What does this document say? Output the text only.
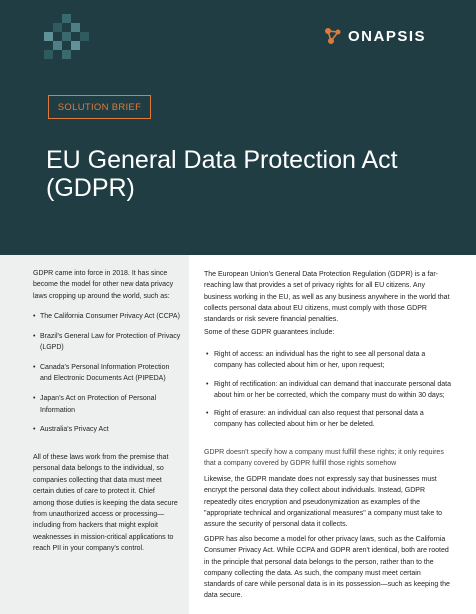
ONAPSIS
SOLUTION BRIEF
EU General Data Protection Act (GDPR)
GDPR came into force in 2018. It has since become the model for other new data privacy laws cropping up around the world, such as:
• The California Consumer Privacy Act (CCPA)
• Brazil's General Law for Protection of Privacy (LGPD)
• Canada's Personal Information Protection and Electronic Documents Act (PIPEDA)
• Japan's Act on Protection of Personal Information
• Australia's Privacy Act
All of these laws work from the premise that personal data belongs to the individual, so companies collecting that data must meet certain duties of care to protect it. Chief among those duties is keeping the data secure from unauthorized access or processing—including from hackers that might exploit weaknesses in mission-critical applications to reach PII in your company's control.
The European Union's General Data Protection Regulation (GDPR) is a far-reaching law that provides a set of privacy rights for all EU citizens. Any business working in the EU, as well as any business anywhere in the world that collects personal data about EU citizens, must comply with those GDPR standards or risk severe financial penalties.
Some of these GDPR guarantees include:
• Right of access: an individual has the right to see all personal data a company has collected about him or her, upon request;
• Right of rectification: an individual can demand that inaccurate personal data about him or her be corrected, which the company must do within 30 days;
• Right of erasure: an individual can also request that personal data a company has collected about him or her be deleted.
GDPR doesn't specify how a company must fulfill these rights; it only requires that a company covered by GDPR fulfill those rights somehow
Likewise, the GDPR mandate does not expressly say that businesses must encrypt the personal data they collect about individuals. Instead, GDPR repeatedly cites encryption and pseudonymization as examples of the "appropriate technical and organizational measures" a company must take to assure the security of personal data it collects.
GDPR has also become a model for other privacy laws, such as the California Consumer Privacy Act. While CCPA and GDPR aren't identical, both are rooted in the principle that personal data belongs to the person, rather than to the company collecting the data. As such, the company must meet certain standards of care while personal data is in its possession—such as keeping the data secure.
